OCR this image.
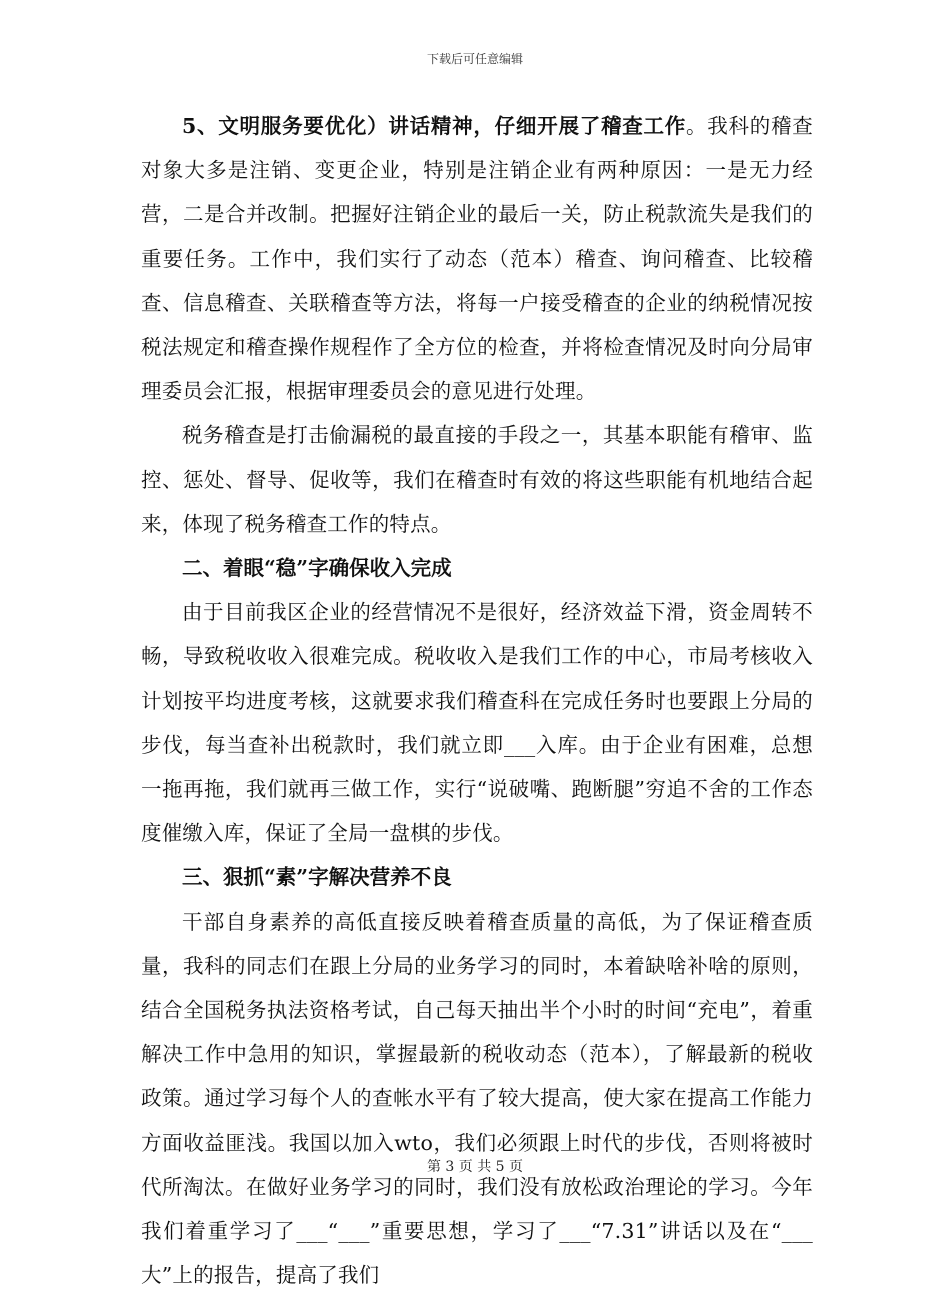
下载后可任意编辑

5、文明服务要优化）讲话精神，仔细开展了稽查工作。我科的稽查对象大多是注销、变更企业，特别是注销企业有两种原因：一是无力经营，二是合并改制。把握好注销企业的最后一关，防止税款流失是我们的重要任务。工作中，我们实行了动态（范本）稽查、询问稽查、比较稽查、信息稽查、关联稽查等方法，将每一户接受稽查的企业的纳税情况按税法规定和稽查操作规程作了全方位的检查，并将检查情况及时向分局审理委员会汇报，根据审理委员会的意见进行处理。

税务稽查是打击偷漏税的最直接的手段之一，其基本职能有稽审、监控、惩处、督导、促收等，我们在稽查时有效的将这些职能有机地结合起来，体现了税务稽查工作的特点。

二、着眼“稳”字确保收入完成

由于目前我区企业的经营情况不是很好，经济效益下滑，资金周转不畅，导致税收收入很难完成。税收收入是我们工作的中心，市局考核收入计划按平均进度考核，这就要求我们稽查科在完成任务时也要跟上分局的步伐，每当查补出税款时，我们就立即___入库。由于企业有困难，总想一拖再拖，我们就再三做工作，实行“说破嘴、跑断腿”穷追不舍的工作态度催缴入库，保证了全局一盘棋的步伐。

三、狠抓“素”字解决营养不良

干部自身素养的高低直接反映着稽查质量的高低，为了保证稽查质量，我科的同志们在跟上分局的业务学习的同时，本着缺啥补啥的原则，结合全国税务执法资格考试，自己每天抽出半个小时的时间“充电”，着重解决工作中急用的知识，掌握最新的税收动态（范本），了解最新的税收政策。通过学习每个人的查帐水平有了较大提高，使大家在提高工作能力方面收益匪浅。我国以加入wto，我们必须跟上时代的步伐，否则将被时代所淘汰。在做好业务学习的同时，我们没有放松政治理论的学习。今年我们着重学习了___“___”重要思想，学习了___“7.31”讲话以及在“___大”上的报告，提高了我们

第 3 页 共 5 页
